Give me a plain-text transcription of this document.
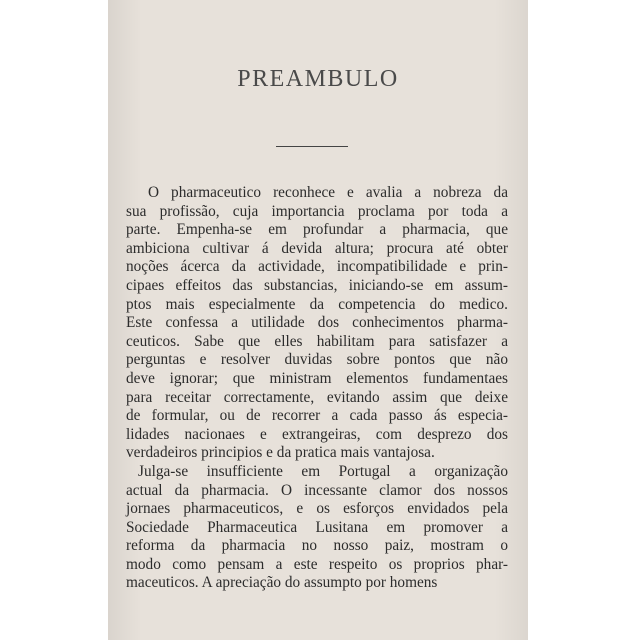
PREAMBULO
O pharmaceutico reconhece e avalia a nobreza da
sua profissão, cuja importancia proclama por toda a
parte. Empenha-se em profundar a pharmacia, que
ambiciona cultivar á devida altura; procura até obter
noções ácerca da actividade, incompatibilidade e prin-
cipaes effeitos das substancias, iniciando-se em assum-
ptos mais especialmente da competencia do medico.
Este confessa a utilidade dos conhecimentos pharma-
ceuticos. Sabe que elles habilitam para satisfazer a
perguntas e resolver duvidas sobre pontos que não
deve ignorar; que ministram elementos fundamentaes
para receitar correctamente, evitando assim que deixe
de formular, ou de recorrer a cada passo ás especia-
lidades nacionaes e extrangeiras, com desprezo dos
verdadeiros principios e da pratica mais vantajosa.
Julga-se insufficiente em Portugal a organização
actual da pharmacia. O incessante clamor dos nossos
jornaes pharmaceuticos, e os esforços envidados pela
Sociedade Pharmaceutica Lusitana em promover a
reforma da pharmacia no nosso paiz, mostram o
modo como pensam a este respeito os proprios phar-
maceuticos. A apreciação do assumpto por homens
